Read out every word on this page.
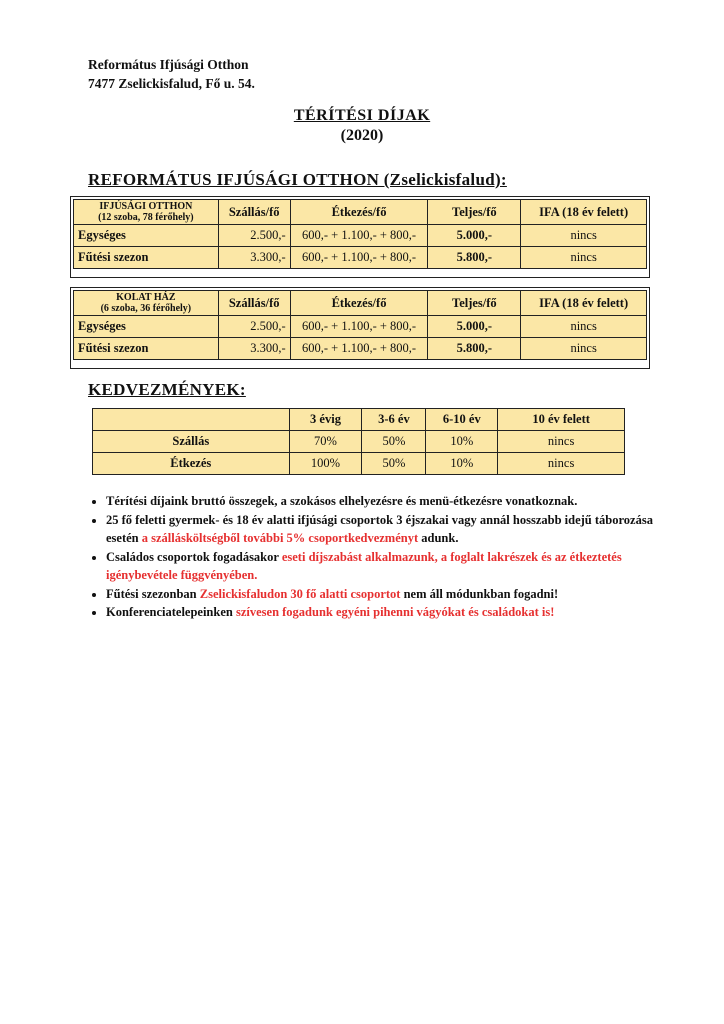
Református Ifjúsági Otthon
7477 Zselickisfalud, Fő u. 54.
TÉRÍTÉSI DÍJAK
(2020)
REFORMÁTUS IFJÚSÁGI OTTHON (Zselickisfalud):
IFJÚSÁGI OTTHON
(12 szoba, 78 férőhely)	Szállás/fő	Étkezés/fő	Teljes/fő	IFA (18 év felett)
Egységes	2.500,-	600,- + 1.100,- + 800,-	5.000,-	nincs
Fűtési szezon	3.300,-	600,- + 1.100,- + 800,-	5.800,-	nincs
KOLAT HÁZ
(6 szoba, 36 férőhely)	Szállás/fő	Étkezés/fő	Teljes/fő	IFA (18 év felett)
Egységes	2.500,-	600,- + 1.100,- + 800,-	5.000,-	nincs
Fűtési szezon	3.300,-	600,- + 1.100,- + 800,-	5.800,-	nincs
KEDVEZMÉNYEK:
	3 évig	3-6 év	6-10 év	10 év felett
Szállás	70%	50%	10%	nincs
Étkezés	100%	50%	10%	nincs
• Térítési díjaink bruttó összegek, a szokásos elhelyezésre és menü-étkezésre vonatkoznak.
• 25 fő feletti gyermek- és 18 év alatti ifjúsági csoportok 3 éjszakai vagy annál hosszabb idejű táborozása esetén a szállásköltségből további 5% csoportkedvezményt adunk.
• Családos csoportok fogadásakor eseti díjszabást alkalmazunk, a foglalt lakrészek és az étkeztetés igénybevétele függvényében.
• Fűtési szezonban Zselickisfaludon 30 fő alatti csoportot nem áll módunkban fogadni!
• Konferenciatelepeinken szívesen fogadunk egyéni pihenni vágyókat és családokat is!
